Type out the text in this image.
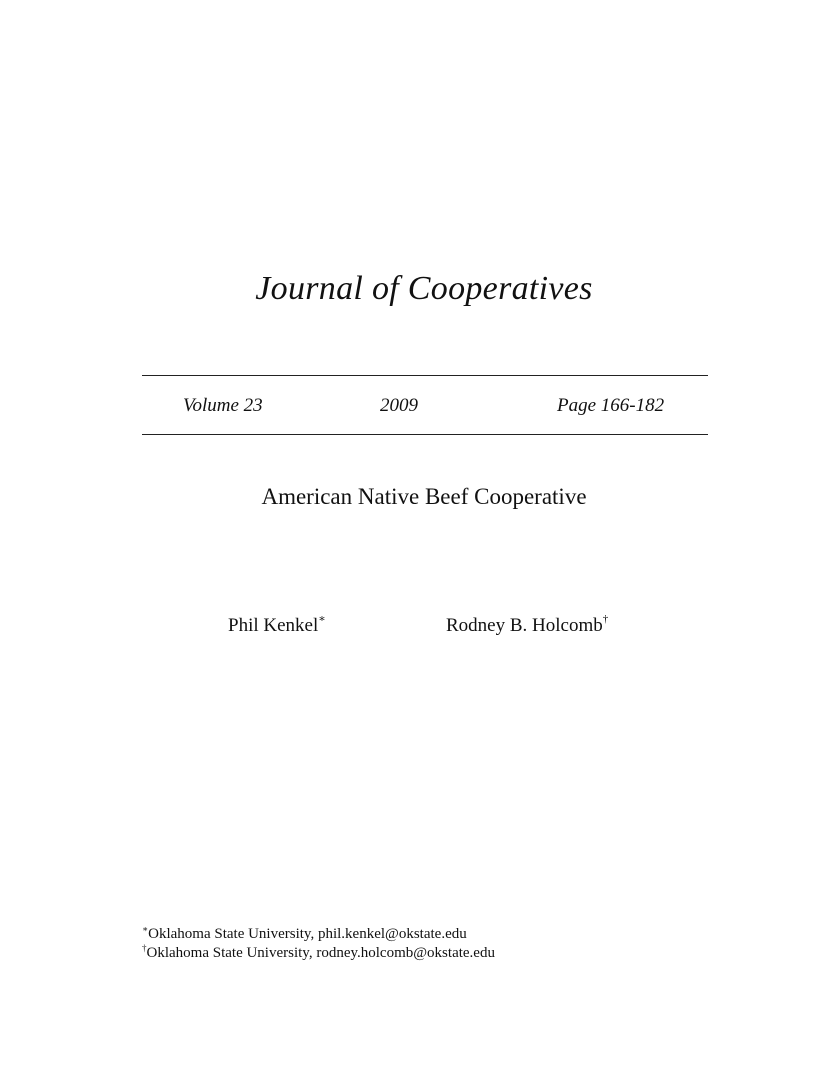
Journal of Cooperatives
Volume 23	2009	Page 166-182
American Native Beef Cooperative
Phil Kenkel∗	Rodney B. Holcomb†
∗Oklahoma State University, phil.kenkel@okstate.edu
†Oklahoma State University, rodney.holcomb@okstate.edu
